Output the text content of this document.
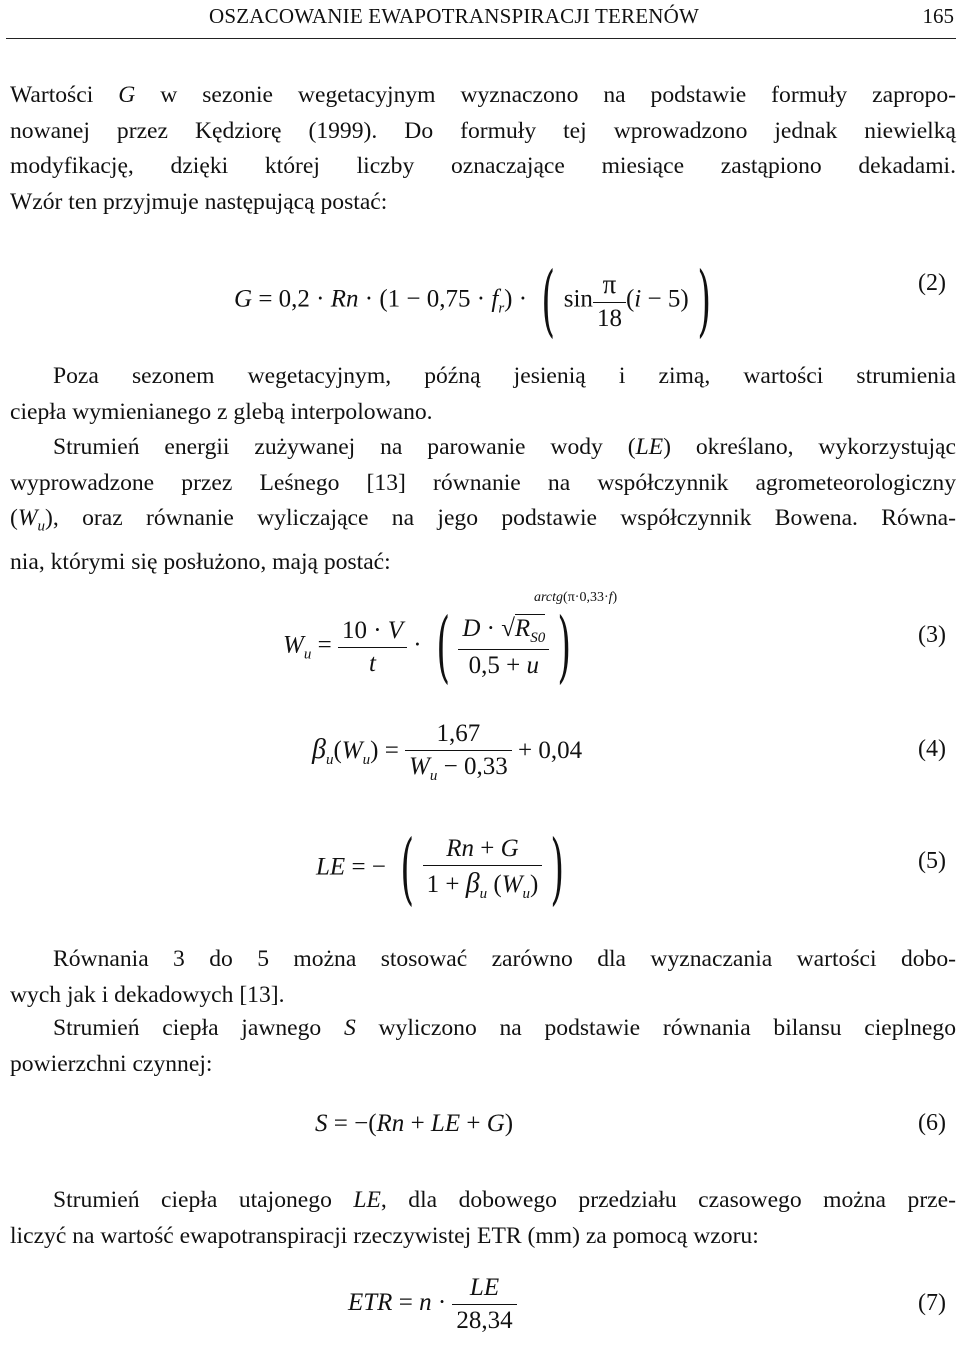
OSZACOWANIE EWAPOTRANSPIRACJI TERENÓW	165
Wartości G w sezonie wegetacyjnym wyznaczono na podstawie formuły zapropo-
nowanej przez Kędziorę (1999). Do formuły tej wprowadzono jednak niewielką
modyfikację, dzięki której liczby oznaczające miesiące zastąpiono dekadami.
Wzór ten przyjmuje następującą postać:
$G = 0,2 \cdot Rn \cdot (1 - 0,75 \cdot f_r)$ · ( $\sin \frac{\pi}{18} (i - 5)$ )	(2)
Poza sezonem wegetacyjnym, późną jesienią i zimą, wartości strumienia
ciepła wymienianego z glebą interpolowano.
Strumień energii zużywanej na parowanie wody (LE) określano, wykorzystując
wyprowadzone przez Leśnego [13] równanie na współczynnik agrometeorologiczny
$(W_u)$, oraz równanie wyliczające na jego podstawie współczynnik Bowena. Równa-
nia, którymi się posłużono, mają postać:
$W_u = \frac{10 \cdot V}{t}$ · ( $\frac{D \cdot √R_{S0}}{0,5 + u}$ )
arctg(π·0,33·f)
(3)
$\beta_u(W_u) = \frac{1,67}{W_u - 0,33} + 0,04$	(4)
LE = − ( $\frac{Rn + G}{1 + \beta_u (W_u)}$ )	(5)
Równania 3 do 5 można stosować zarówno dla wyznaczania wartości dobo-
wych jak i dekadowych [13].
Strumień ciepła jawnego S wyliczono na podstawie równania bilansu cieplnego
powierzchni czynnej:
S = −(Rn + LE + G)	(6)
Strumień ciepła utajonego LE, dla dobowego przedziału czasowego można prze-
liczyć na wartość ewapotranspiracji rzeczywistej ETR (mm) za pomocą wzoru:
ETR = $n \cdot \frac{LE}{28,34}$	(7)
